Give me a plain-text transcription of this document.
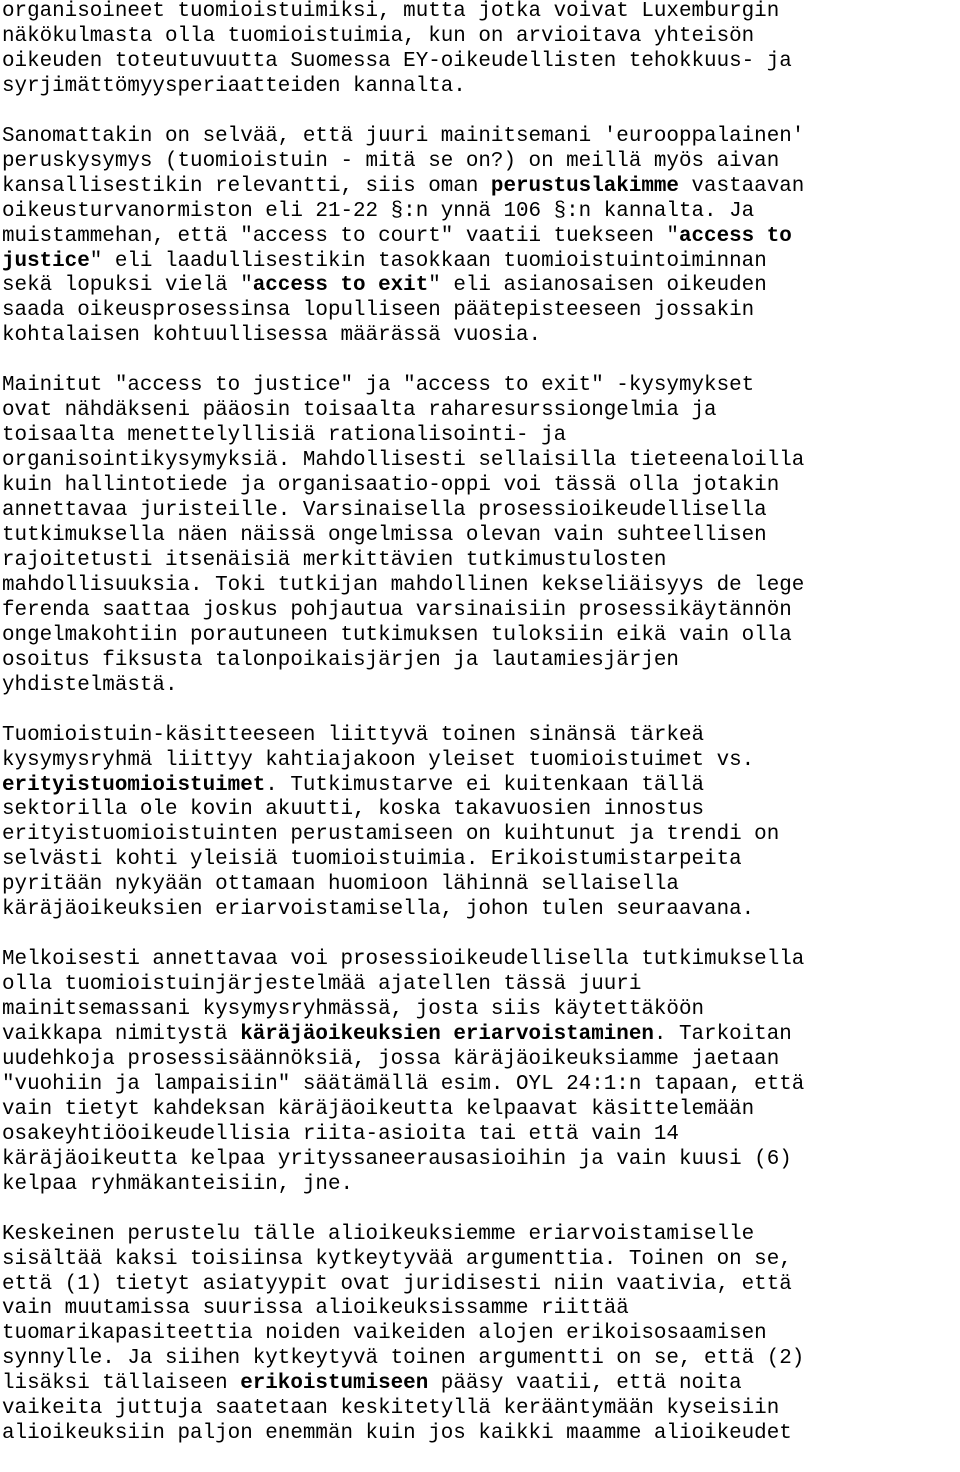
organisoineet tuomioistuimiksi, mutta jotka voivat Luxemburgin
näkökulmasta olla tuomioistuimia, kun on arvioitava yhteisön
oikeuden toteutuvuutta Suomessa EY-oikeudellisten tehokkuus- ja
syrjimättömyysperiaatteiden kannalta.
Sanomattakin on selvää, että juuri mainitsemani 'eurooppalainen'
peruskysymys (tuomioistuin - mitä se on?) on meillä myös aivan
kansallisestikin relevantti, siis oman perustuslakimme vastaavan
oikeusturvanormiston eli 21-22 §:n ynnä 106 §:n kannalta. Ja
muistammehan, että "access to court" vaatii tuekseen "access to
justice" eli laadullisestikin tasokkaan tuomioistuintoiminnan
sekä lopuksi vielä "access to exit" eli asianosaisen oikeuden
saada oikeusprosessinsa lopulliseen päätepisteeseen jossakin
kohtalaisen kohtuullisessa määrässä vuosia.
Mainitut "access to justice" ja "access to exit" -kysymykset
ovat nähdäkseni pääosin toisaalta raharesurssiongelmia ja
toisaalta menettelyllisiä rationalisointi- ja
organisointikysymyksiä. Mahdollisesti sellaisilla tieteenaloilla
kuin hallintotiede ja organisaatio-oppi voi tässä olla jotakin
annettavaa juristeille. Varsinaisella prosessioikeudellisella
tutkimuksella näen näissä ongelmissa olevan vain suhteellisen
rajoitetusti itsenäisiä merkittävien tutkimustulosten
mahdollisuuksia. Toki tutkijan mahdollinen kekseliäisyys de lege
ferenda saattaa joskus pohjautua varsinaisiin prosessikäytännön
ongelmakohtiin porautuneen tutkimuksen tuloksiin eikä vain olla
osoitus fiksusta talonpoikaisjärjen ja lautamiesjärjen
yhdistelmästä.
Tuomioistuin-käsitteeseen liittyvä toinen sinänsä tärkeä
kysymysryhmä liittyy kahtiajakoon yleiset tuomioistuimet vs.
erityistuomioistuimet. Tutkimustarve ei kuitenkaan tällä
sektorilla ole kovin akuutti, koska takavuosien innostus
erityistuomioistuinten perustamiseen on kuihtunut ja trendi on
selvästi kohti yleisiä tuomioistuimia. Erikoistumistarpeita
pyritään nykyään ottamaan huomioon lähinnä sellaisella
käräjäoikeuksien eriarvoistamisella, johon tulen seuraavana.
Melkoisesti annettavaa voi prosessioikeudellisella tutkimuksella
olla tuomioistuinjärjestelmää ajatellen tässä juuri
mainitsemassani kysymysryhmässä, josta siis käytettäköön
vaikkapa nimitystä käräjäoikeuksien eriarvoistaminen. Tarkoitan
uudehkoja prosessisäännöksiä, jossa käräjäoikeuksiamme jaetaan
"vuohiin ja lampaisiin" säätämällä esim. OYL 24:1:n tapaan, että
vain tietyt kahdeksan käräjäoikeutta kelpaavat käsittelemään
osakeyhtiöoikeudellisia riita-asioita tai että vain 14
käräjäoikeutta kelpaa yrityssaneerausasioihin ja vain kuusi (6)
kelpaa ryhmäkanteisiin, jne.
Keskeinen perustelu tälle alioikeuksiemme eriarvoistamiselle
sisältää kaksi toisiinsa kytkeytyvää argumenttia. Toinen on se,
että (1) tietyt asiatyypit ovat juridisesti niin vaativia, että
vain muutamissa suurissa alioikeuksissamme riittää
tuomarikapasiteettia noiden vaikeiden alojen erikoisosaamisen
synnylle. Ja siihen kytkeytyvä toinen argumentti on se, että (2)
lisäksi tällaiseen erikoistumiseen pääsy vaatii, että noita
vaikeita juttuja saatetaan keskitetyllä kerääntymään kyseisiin
alioikeuksiin paljon enemmän kuin jos kaikki maamme alioikeudet
